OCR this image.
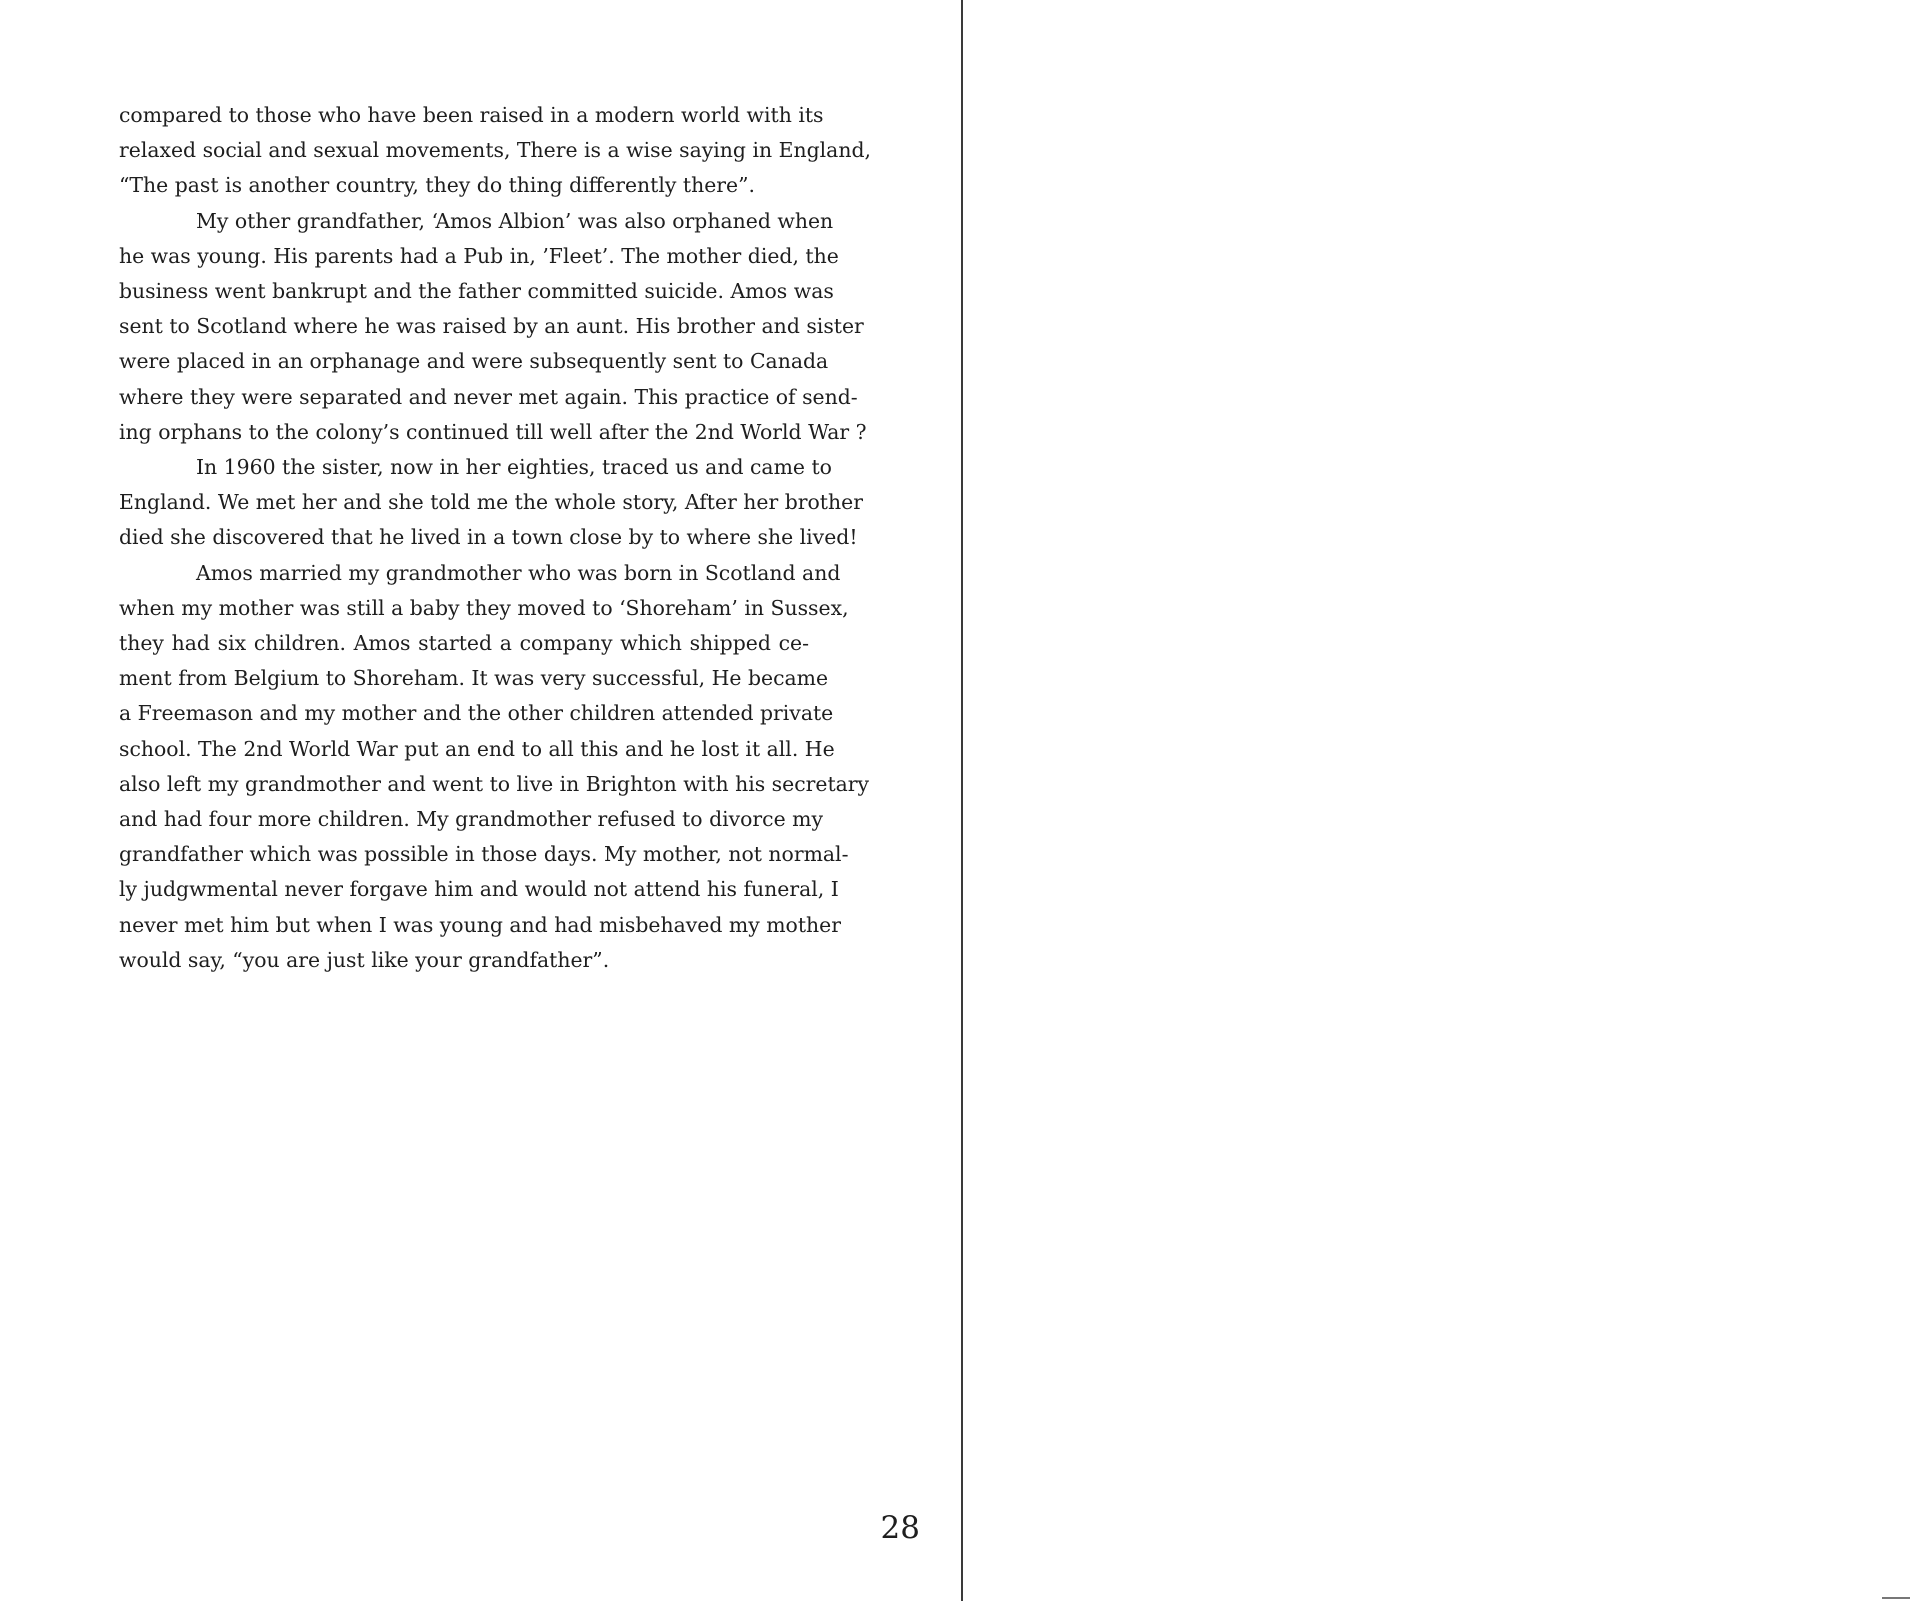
compared to those who have been raised in a modern world with its
relaxed social and sexual movements, There is a wise saying in England,
“The past is another country, they do thing differently there”.

My other grandfather, ‘Amos Albion’ was also orphaned when
he was young. His parents had a Pub in, ’Fleet’. The mother died, the
business went bankrupt and the father committed suicide. Amos was
sent to Scotland where he was raised by an aunt. His brother and sister
were placed in an orphanage and were subsequently sent to Canada
where they were separated and never met again. This practice of send-
ing orphans to the colony’s continued till well after the 2nd World War ?

In 1960 the sister, now in her eighties, traced us and came to
England. We met her and she told me the whole story, After her brother
died she discovered that he lived in a town close by to where she lived!

Amos married my grandmother who was born in Scotland and
when my mother was still a baby they moved to ‘Shoreham’ in Sussex,
they had six children. Amos started a company which shipped ce-
ment from Belgium to Shoreham. It was very successful, He became
a Freemason and my mother and the other children attended private
school. The 2nd World War put an end to all this and he lost it all. He
also left my grandmother and went to live in Brighton with his secretary
and had four more children. My grandmother refused to divorce my
grandfather which was possible in those days. My mother, not normal-
ly judgwmental never forgave him and would not attend his funeral, I
never met him but when I was young and had misbehaved my mother
would say, “you are just like your grandfather”.

28
